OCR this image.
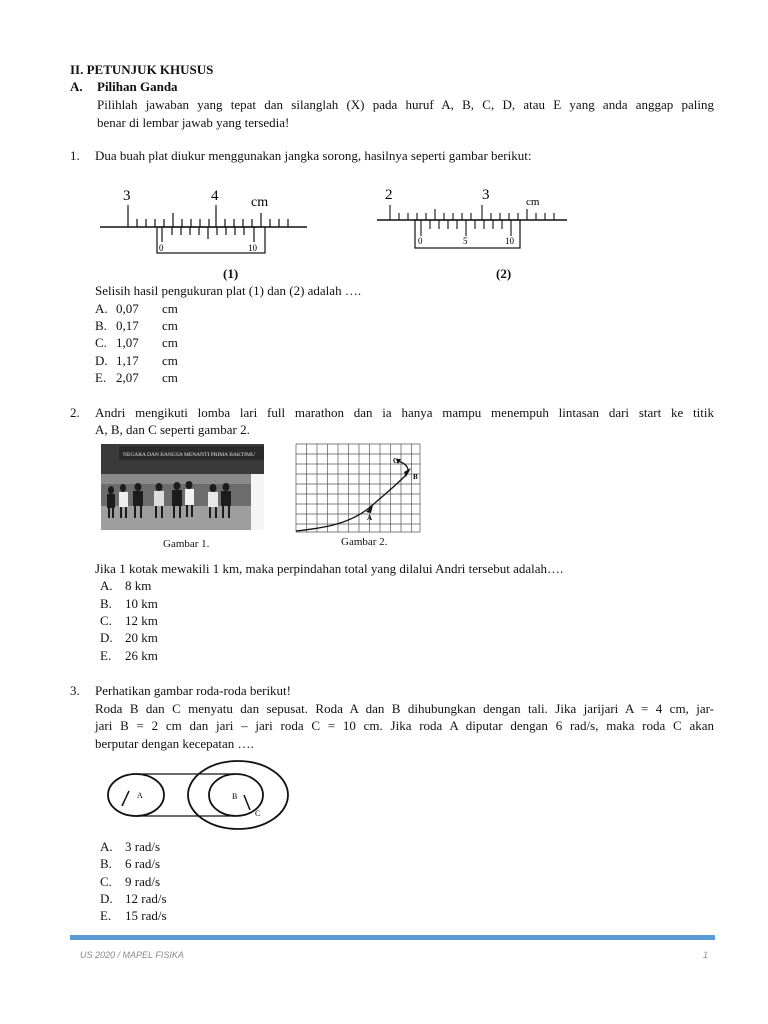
II. PETUNJUK KHUSUS
A. Pilihan Ganda
Pilihlah jawaban yang tepat dan silanglah (X) pada huruf A, B, C, D, atau E yang anda anggap paling
benar di lembar jawab yang tersedia!
1. Dua buah plat diukur menggunakan jangka sorong, hasilnya seperti gambar berikut:
3	4 cm
0	10
(1)
2	3	cm
0	5	10
(2)
Selisih hasil pengukuran plat (1) dan (2) adalah ….
A. 0,07 cm
B. 0,17 cm
C. 1,07 cm
D. 1,17 cm
E. 2,07 cm
2. Andri mengikuti lomba lari full marathon dan ia hanya mampu menempuh lintasan dari start ke titik
A, B, dan C seperti gambar 2.
NEGARA DAN BANGSA MENANTI PRIMA BAKTIMU
Gambar 1.
A
B
C
Gambar 2.
Jika 1 kotak mewakili 1 km, maka perpindahan total yang dilalui Andri tersebut adalah….
A. 8 km
B. 10 km
C. 12 km
D. 20 km
E. 26 km
3. Perhatikan gambar roda-roda berikut!
Roda B dan C menyatu dan sepusat. Roda A dan B dihubungkan dengan tali. Jika jarijari A = 4 cm, jar-
jari B = 2 cm dan jari – jari roda C = 10 cm. Jika roda A diputar dengan 6 rad/s, maka roda C akan
berputar dengan kecepatan ….
A	B
C
A. 3 rad/s
B. 6 rad/s
C. 9 rad/s
D. 12 rad/s
E. 15 rad/s
US 2020 / MAPEL FISIKA	1
